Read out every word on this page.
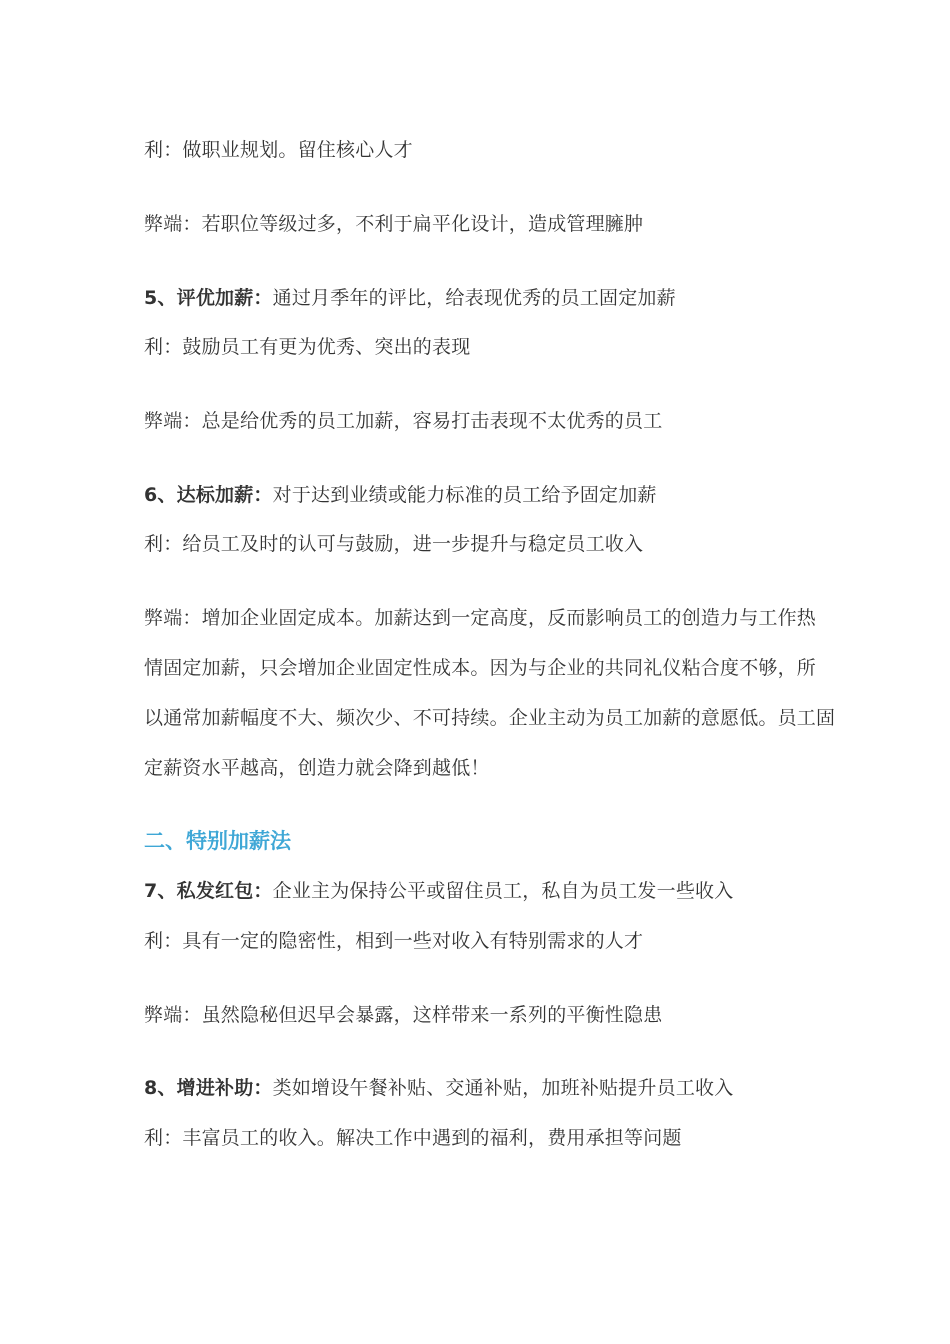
利：做职业规划。留住核心人才
弊端：若职位等级过多，不利于扁平化设计，造成管理臃肿
5、评优加薪：通过月季年的评比，给表现优秀的员工固定加薪
利：鼓励员工有更为优秀、突出的表现
弊端：总是给优秀的员工加薪，容易打击表现不太优秀的员工
6、达标加薪：对于达到业绩或能力标准的员工给予固定加薪
利：给员工及时的认可与鼓励，进一步提升与稳定员工收入
弊端：增加企业固定成本。加薪达到一定高度，反而影响员工的创造力与工作热
情固定加薪，只会增加企业固定性成本。因为与企业的共同礼仪粘合度不够，所
以通常加薪幅度不大、频次少、不可持续。企业主动为员工加薪的意愿低。员工固
定薪资水平越高，创造力就会降到越低！
二、特别加薪法
7、私发红包：企业主为保持公平或留住员工，私自为员工发一些收入
利：具有一定的隐密性，相到一些对收入有特别需求的人才
弊端：虽然隐秘但迟早会暴露，这样带来一系列的平衡性隐患
8、增进补助：类如增设午餐补贴、交通补贴，加班补贴提升员工收入
利：丰富员工的收入。解决工作中遇到的福利，费用承担等问题
